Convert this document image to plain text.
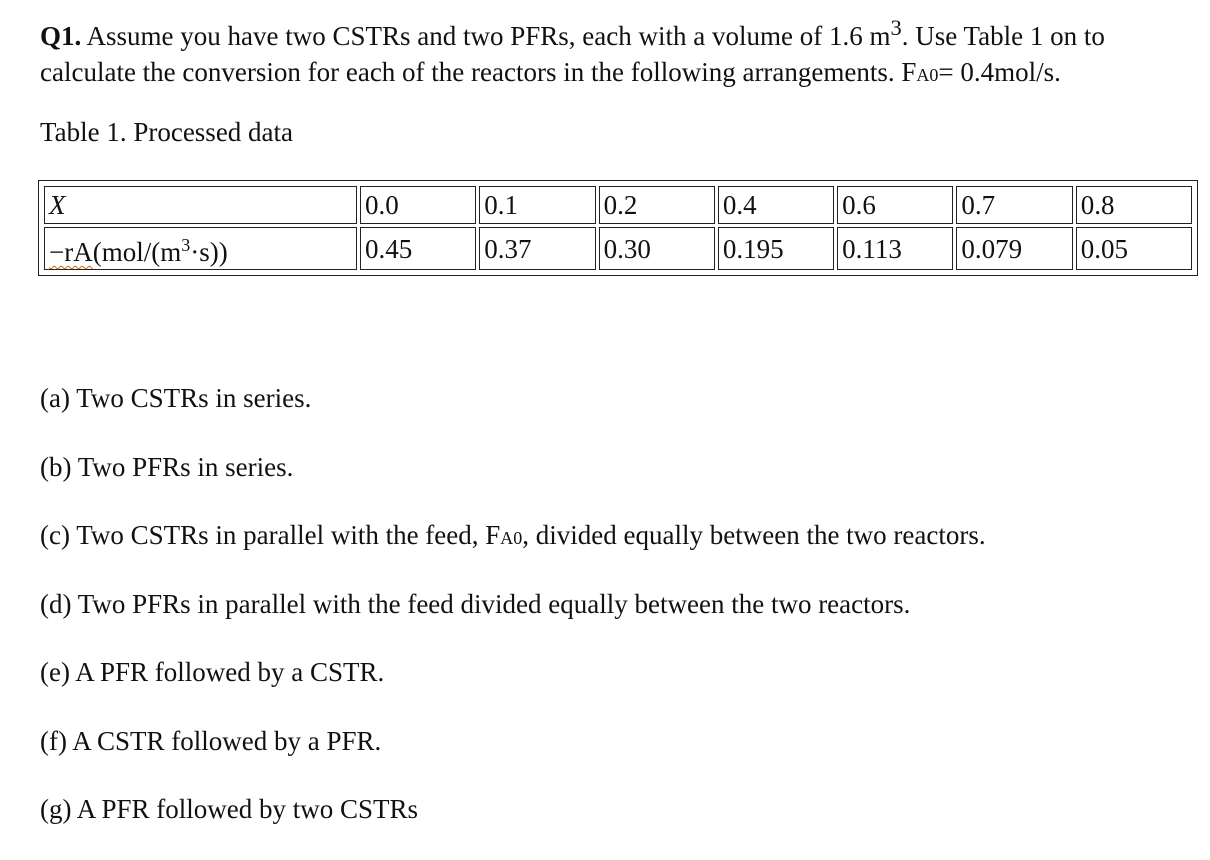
Q1. Assume you have two CSTRs and two PFRs, each with a volume of 1.6 $m^3$. Use Table 1 on to calculate the conversion for each of the reactors in the following arrangements. FA0= 0.4mol/s.
Table 1. Processed data
X	0.0	0.1	0.2	0.4	0.6	0.7	0.8
$-rA(mol/(m^3\cdot s))$	0.45	0.37	0.30	0.195	0.113	0.079	0.05
(a) Two CSTRs in series.
(b) Two PFRs in series.
(c) Two CSTRs in parallel with the feed, FA0, divided equally between the two reactors.
(d) Two PFRs in parallel with the feed divided equally between the two reactors.
(e) A PFR followed by a CSTR.
(f) A CSTR followed by a PFR.
(g) A PFR followed by two CSTRs
